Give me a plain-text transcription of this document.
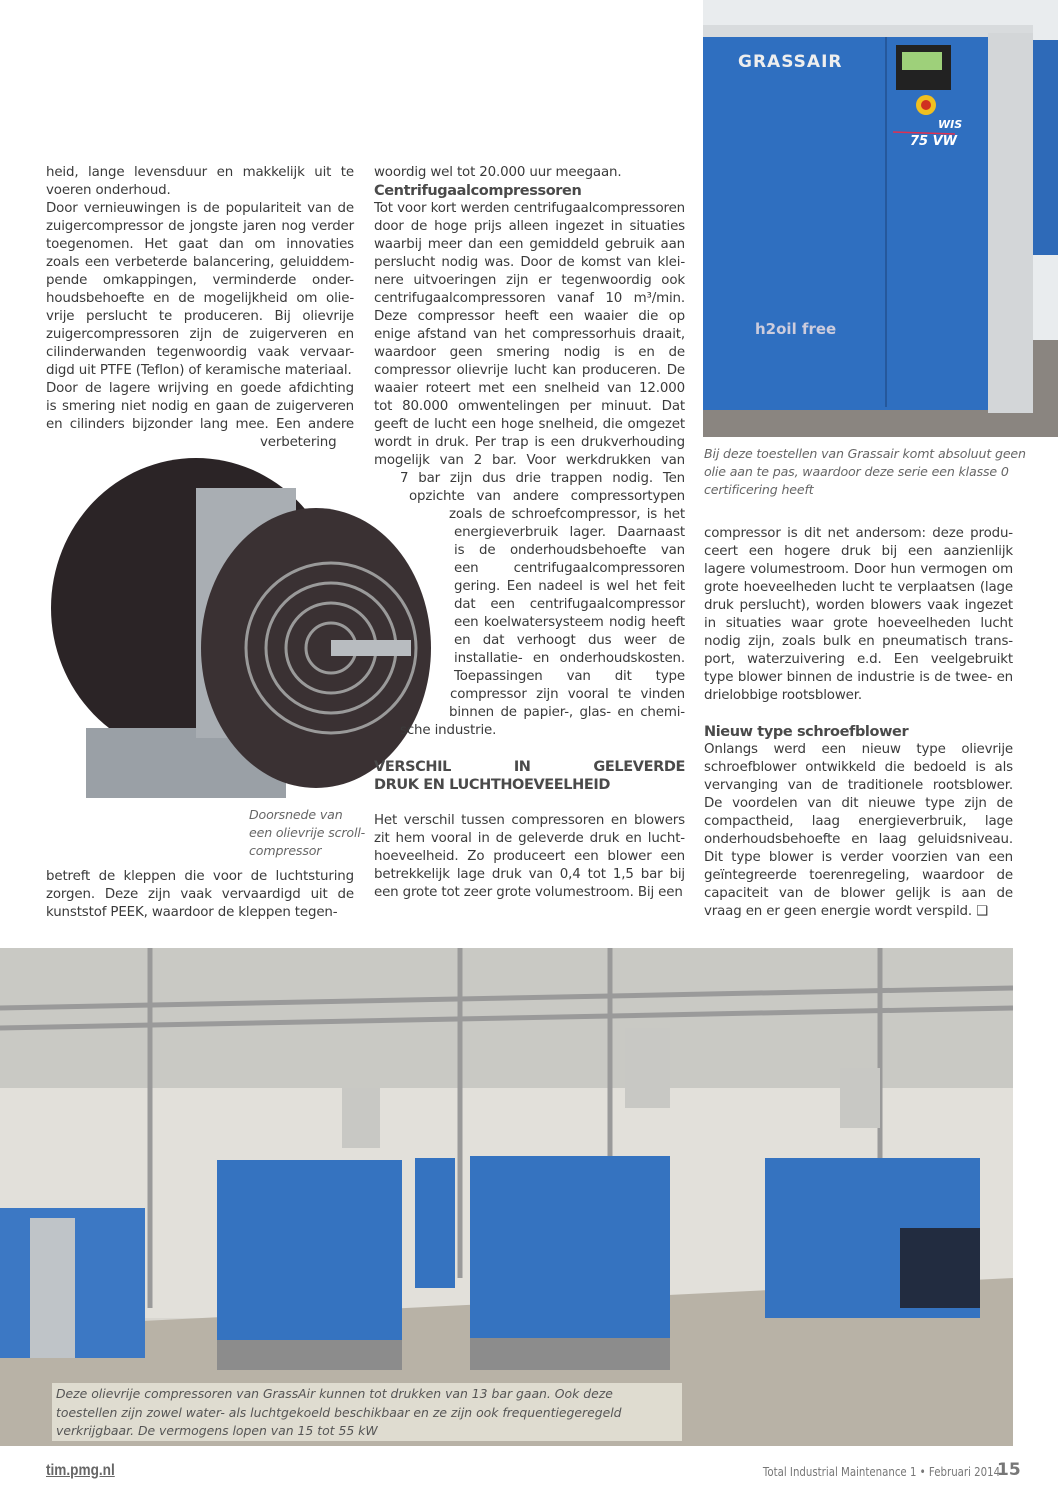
GRASSAIR
WIS
75 VW
h2oil free
heid, lange levensduur en makkelijk uit te
voeren onderhoud.
Door vernieuwingen is de populariteit van de
zuigercompressor de jongste jaren nog verder
toegenomen. Het gaat dan om innovaties
zoals een verbeterde balancering, geluiddem-
pende omkappingen, verminderde onder-
houdsbehoefte en de mogelijkheid om olie-
vrije perslucht te produceren. Bij olievrije
zuigercompressoren zijn de zuigerveren en
cilinderwanden tegenwoordig vaak vervaar-
digd uit PTFE (Teflon) of keramische materiaal.
Door de lagere wrijving en goede afdichting
is smering niet nodig en gaan de zuigerveren
en cilinders bijzonder lang mee. Een andere
verbetering
Doorsnede van
een olievrije scroll-
compressor
betreft de kleppen die voor de luchtsturing
zorgen. Deze zijn vaak vervaardigd uit de
kunststof PEEK, waardoor de kleppen tegen-
woordig wel tot 20.000 uur meegaan.
Centrifugaalcompressoren
Tot voor kort werden centrifugaalcompressoren
door de hoge prijs alleen ingezet in situaties
waarbij meer dan een gemiddeld gebruik aan
perslucht nodig was. Door de komst van klei-
nere uitvoeringen zijn er tegenwoordig ook
centrifugaalcompressoren vanaf 10 m³/min.
Deze compressor heeft een waaier die op
enige afstand van het compressorhuis draait,
waardoor geen smering nodig is en de
compressor olievrije lucht kan produceren. De
waaier roteert met een snelheid van 12.000
tot 80.000 omwentelingen per minuut. Dat
geeft de lucht een hoge snelheid, die omgezet
wordt in druk. Per trap is een drukverhouding
mogelijk van 2 bar. Voor werkdrukken van
7 bar zijn dus drie trappen nodig. Ten
opzichte van andere compressortypen
zoals de schroefcompressor, is het
energieverbruik lager. Daarnaast
is de onderhoudsbehoefte van
een centrifugaalcompressoren
gering. Een nadeel is wel het feit
dat een centrifugaalcompressor
een koelwatersysteem nodig heeft
en dat verhoogt dus weer de
installatie- en onderhoudskosten.
Toepassingen van dit type
compressor zijn vooral te vinden
binnen de papier-, glas- en chemi-
sche industrie.
VERSCHIL IN GELEVERDE
DRUK EN LUCHTHOEVEELHEID
Het verschil tussen compressoren en blowers
zit hem vooral in de geleverde druk en lucht-
hoeveelheid. Zo produceert een blower een
betrekkelijk lage druk van 0,4 tot 1,5 bar bij
een grote tot zeer grote volumestroom. Bij een
Bij deze toestellen van Grassair komt absoluut geen
olie aan te pas, waardoor deze serie een klasse 0
certificering heeft
compressor is dit net andersom: deze produ-
ceert een hogere druk bij een aanzienlijk
lagere volumestroom. Door hun vermogen om
grote hoeveelheden lucht te verplaatsen (lage
druk perslucht), worden blowers vaak ingezet
in situaties waar grote hoeveelheden lucht
nodig zijn, zoals bulk en pneumatisch trans-
port, waterzuivering e.d. Een veelgebruikt
type blower binnen de industrie is de twee- en
drielobbige rootsblower.
Nieuw type schroefblower
Onlangs werd een nieuw type olievrije
schroefblower ontwikkeld die bedoeld is als
vervanging van de traditionele rootsblower.
De voordelen van dit nieuwe type zijn de
compactheid, laag energieverbruik, lage
onderhoudsbehoefte en laag geluidsniveau.
Dit type blower is verder voorzien van een
geïntegreerde toerenregeling, waardoor de
capaciteit van de blower gelijk is aan de
vraag en er geen energie wordt verspild. ❑
Deze olievrije compressoren van GrassAir kunnen tot drukken van 13 bar gaan. Ook deze toestellen zijn zowel water- als luchtgekoeld beschikbaar en ze zijn ook frequentiegeregeld verkrijgbaar. De vermogens lopen van 15 tot 55 kW
tim.pmg.nl	Total Industrial Maintenance 1 • Februari 2014
15
